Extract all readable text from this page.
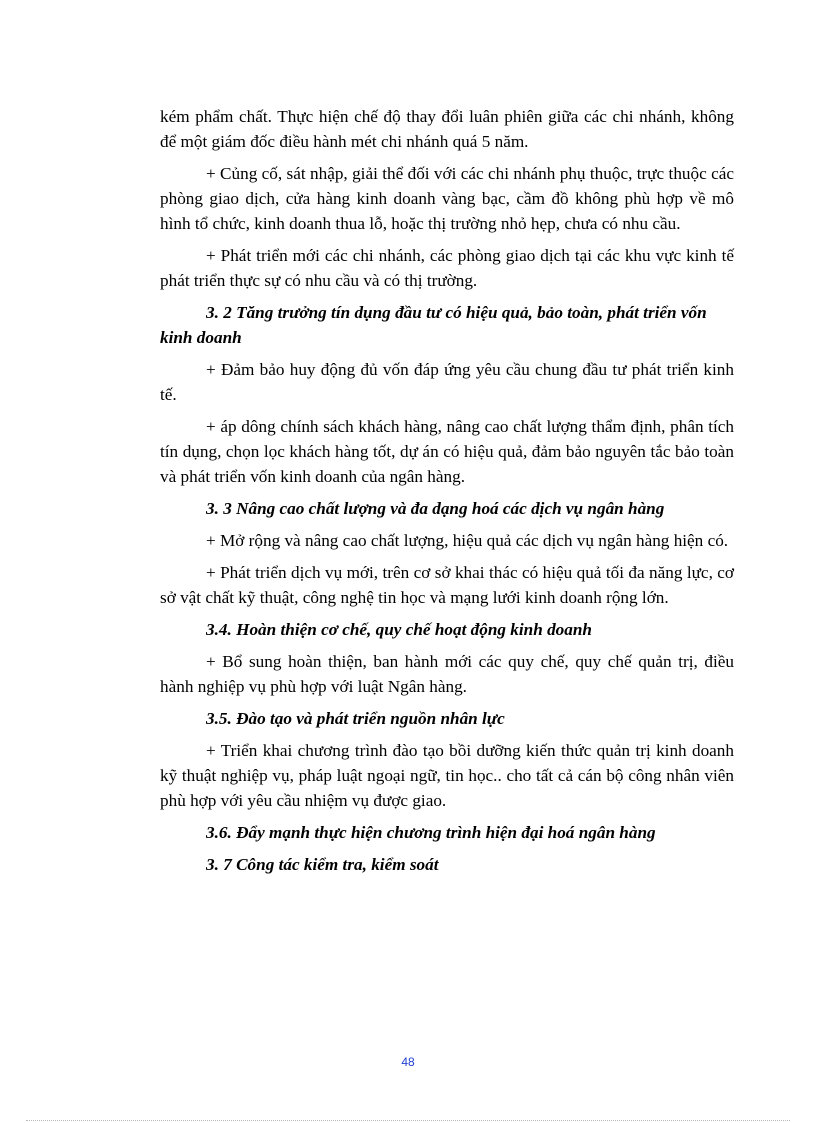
kém phẩm chất. Thực hiện chế độ thay đổi luân phiên giữa các chi nhánh, không để một giám đốc điều hành mét chi nhánh quá 5 năm.

+ Củng cố, sát nhập, giải thể đối với các chi nhánh phụ thuộc, trực thuộc các phòng giao dịch, cửa hàng kinh doanh vàng bạc, cầm đồ không phù hợp về mô hình tổ chức, kinh doanh thua lỗ, hoặc thị trường nhỏ hẹp, chưa có nhu cầu.

+ Phát triển mới các chi nhánh, các phòng giao dịch tại các khu vực kinh tế phát triển thực sự có nhu cầu và có thị trường.

3. 2 Tăng trưởng tín dụng đầu tư có hiệu quả, bảo toàn, phát triển vốn kinh doanh

+ Đảm bảo huy động đủ vốn đáp ứng yêu cầu chung đầu tư phát triển kinh tế.

+ áp dông chính sách khách hàng, nâng cao chất lượng thẩm định, phân tích tín dụng, chọn lọc khách hàng tốt, dự án có hiệu quả, đảm bảo nguyên tắc bảo toàn và phát triển vốn kinh doanh của ngân hàng.

3. 3 Nâng cao chất lượng và đa dạng hoá các dịch vụ ngân hàng

+ Mở rộng và nâng cao chất lượng, hiệu quả các dịch vụ ngân hàng hiện có.

+ Phát triển dịch vụ mới, trên cơ sở khai thác có hiệu quả tối đa năng lực, cơ sở vật chất kỹ thuật, công nghệ tin học và mạng lưới kinh doanh rộng lớn.

3.4. Hoàn thiện cơ chế, quy chế hoạt động kinh doanh

+ Bổ sung hoàn thiện, ban hành mới các quy chế, quy chế quản trị, điều hành nghiệp vụ phù hợp với luật Ngân hàng.

3.5. Đào tạo và phát triển nguồn nhân lực

+ Triển khai chương trình đào tạo bồi dưỡng kiến thức quản trị kinh doanh kỹ thuật nghiệp vụ, pháp luật ngoại ngữ, tin học.. cho tất cả cán bộ công nhân viên phù hợp với yêu cầu nhiệm vụ được giao.

3.6. Đẩy mạnh thực hiện chương trình hiện đại hoá ngân hàng

3. 7 Công tác kiểm tra, kiểm soát

48
